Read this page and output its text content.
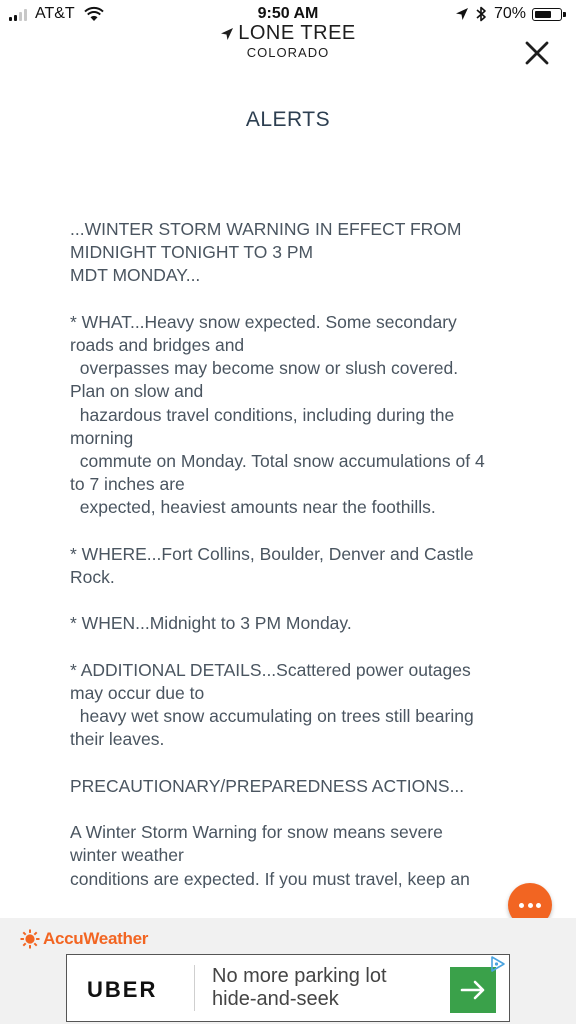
AT&T	9:50 AM	70%
LONE TREE
COLORADO
ALERTS
...WINTER STORM WARNING IN EFFECT FROM
MIDNIGHT TONIGHT TO 3 PM
MDT MONDAY...

* WHAT...Heavy snow expected. Some secondary
roads and bridges and
overpasses may become snow or slush covered.
Plan on slow and
hazardous travel conditions, including during the
morning
commute on Monday. Total snow accumulations of 4
to 7 inches are
expected, heaviest amounts near the foothills.

* WHERE...Fort Collins, Boulder, Denver and Castle
Rock.

* WHEN...Midnight to 3 PM Monday.

* ADDITIONAL DETAILS...Scattered power outages
may occur due to
heavy wet snow accumulating on trees still bearing
their leaves.

PRECAUTIONARY/PREPAREDNESS ACTIONS...

A Winter Storm Warning for snow means severe
winter weather
conditions are expected. If you must travel, keep an
AccuWeather
UBER
No more parking lot hide-and-seek
